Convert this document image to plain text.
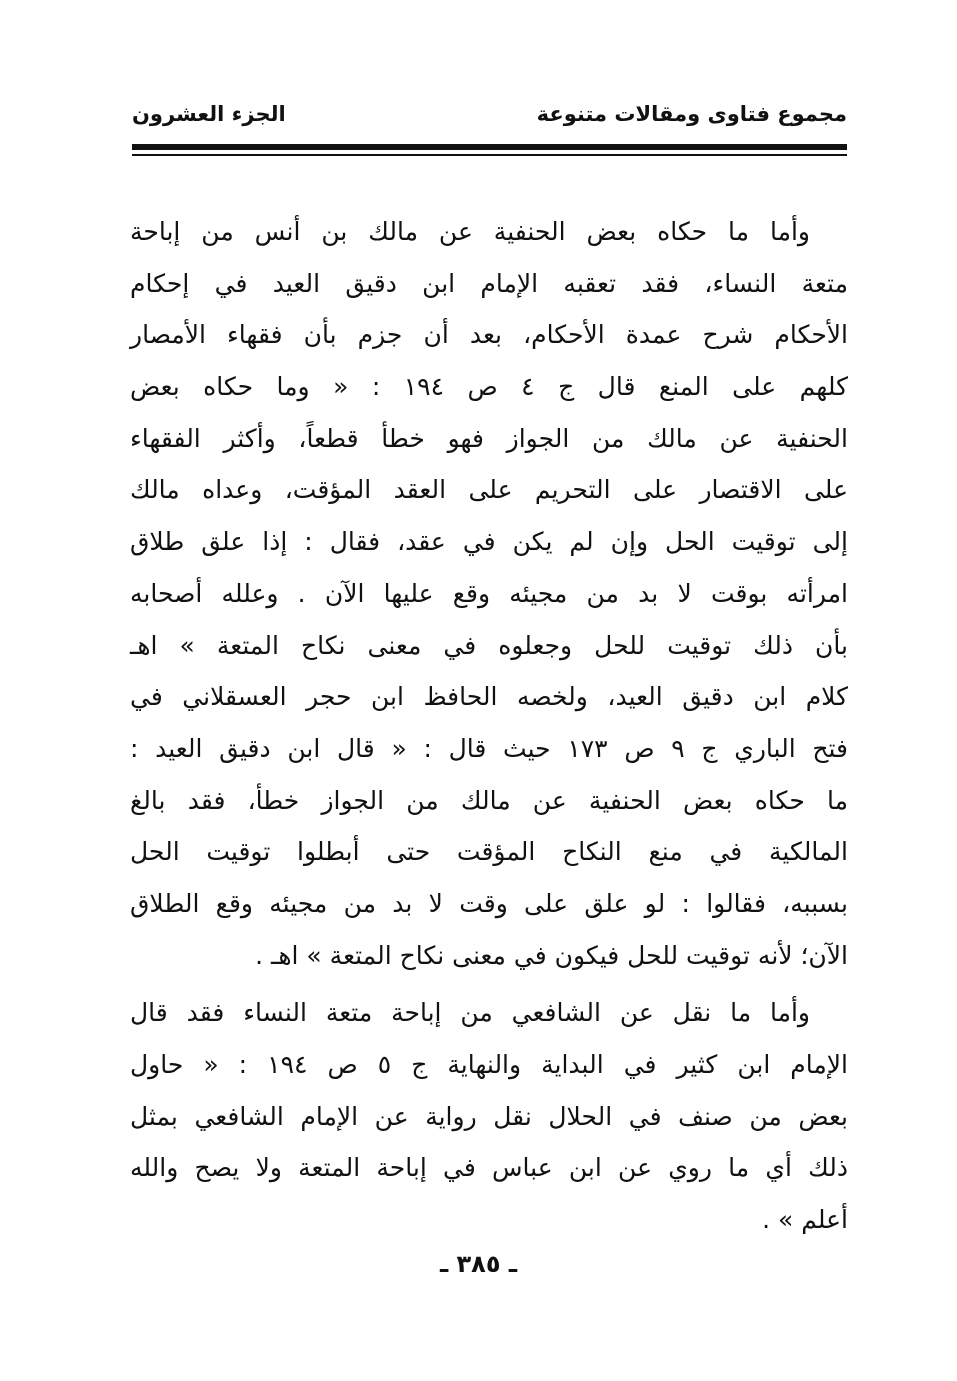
مجموع فتاوى ومقالات متنوعة
الجزء العشرون
وأما ما حكاه بعض الحنفية عن مالك بن أنس من إباحة
متعة النساء، فقد تعقبه الإمام ابن دقيق العيد في إحكام
الأحكام شرح عمدة الأحكام، بعد أن جزم بأن فقهاء الأمصار
كلهم على المنع قال ج ٤ ص ١٩٤ : « وما حكاه بعض
الحنفية عن مالك من الجواز فهو خطأ قطعاً، وأكثر الفقهاء
على الاقتصار على التحريم على العقد المؤقت، وعداه مالك
إلى توقيت الحل وإن لم يكن في عقد، فقال : إذا علق طلاق
امرأته بوقت لا بد من مجيئه وقع عليها الآن . وعلله أصحابه
بأن ذلك توقيت للحل وجعلوه في معنى نكاح المتعة » اهـ
كلام ابن دقيق العيد، ولخصه الحافظ ابن حجر العسقلاني في
فتح الباري ج ٩ ص ١٧٣ حيث قال : « قال ابن دقيق العيد :
ما حكاه بعض الحنفية عن مالك من الجواز خطأ، فقد بالغ
المالكية في منع النكاح المؤقت حتى أبطلوا توقيت الحل
بسببه، فقالوا : لو علق على وقت لا بد من مجيئه وقع الطلاق
الآن؛ لأنه توقيت للحل فيكون في معنى نكاح المتعة » اهـ .
وأما ما نقل عن الشافعي من إباحة متعة النساء فقد قال
الإمام ابن كثير في البداية والنهاية ج ٥ ص ١٩٤ : « حاول
بعض من صنف في الحلال نقل رواية عن الإمام الشافعي بمثل
ذلك أي ما روي عن ابن عباس في إباحة المتعة ولا يصح والله
أعلم » .
ـ ٣٨٥ ـ
